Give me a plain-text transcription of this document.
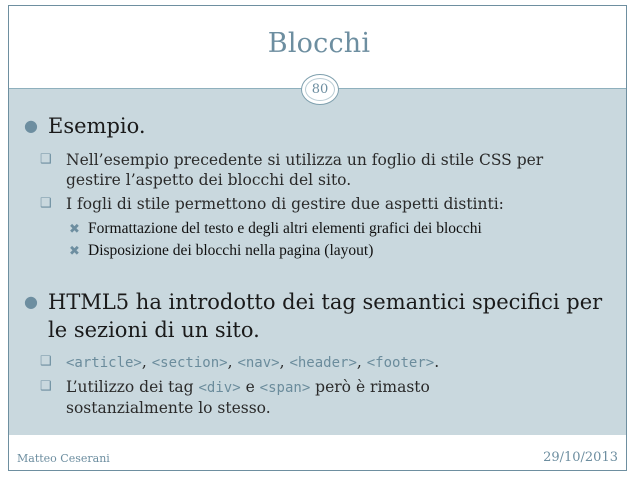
Blocchi
80
● Esempio.
❑ Nell’esempio precedente si utilizza un foglio di stile CSS per
gestire l’aspetto dei blocchi del sito.
❑ I fogli di stile permettono di gestire due aspetti distinti:
✖ Formattazione del testo e degli altri elementi grafici dei blocchi
✖ Disposizione dei blocchi nella pagina (layout)
● HTML5 ha introdotto dei tag semantici specifici per
le sezioni di un sito.
❑ <article>, <section>, <nav>, <header>, <footer>.
❑ L’utilizzo dei tag <div> e <span> però è rimasto
sostanzialmente lo stesso.
Matteo Ceserani	29/10/2013
